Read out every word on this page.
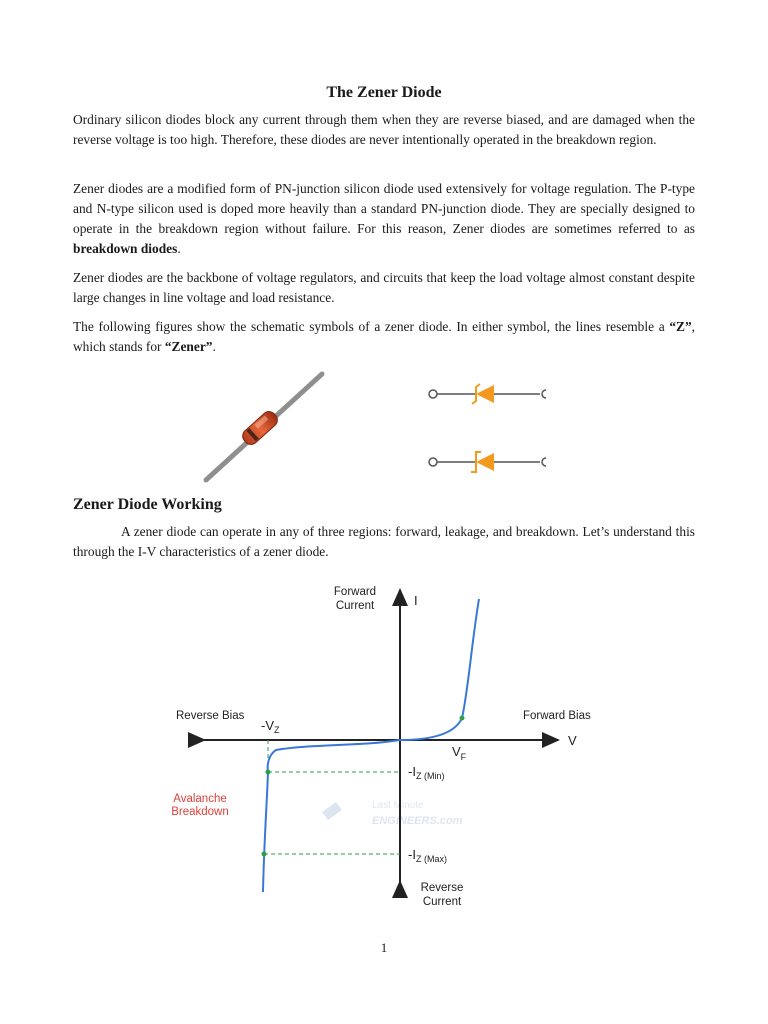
The Zener Diode

Ordinary silicon diodes block any current through them when they are reverse biased, and are damaged when the reverse voltage is too high. Therefore, these diodes are never intentionally operated in the breakdown region.

Zener diodes are a modified form of PN-junction silicon diode used extensively for voltage regulation. The P-type and N-type silicon used is doped more heavily than a standard PN-junction diode. They are specially designed to operate in the breakdown region without failure. For this reason, Zener diodes are sometimes referred to as breakdown diodes.

Zener diodes are the backbone of voltage regulators, and circuits that keep the load voltage almost constant despite large changes in line voltage and load resistance.

The following figures show the schematic symbols of a zener diode. In either symbol, the lines resemble a “Z”, which stands for “Zener”.

Zener Diode Working

A zener diode can operate in any of three regions: forward, leakage, and breakdown. Let’s understand this through the I-V characteristics of a zener diode.

Last Minute
ENGINEERS.com
Forward
Current	I
Reverse Bias	Forward Bias
V
$-V_Z$
$V_F$
$-I_{Z (Min)}$
$-I_{Z (Max)}$
Avalanche
Breakdown
Reverse
Current
1
